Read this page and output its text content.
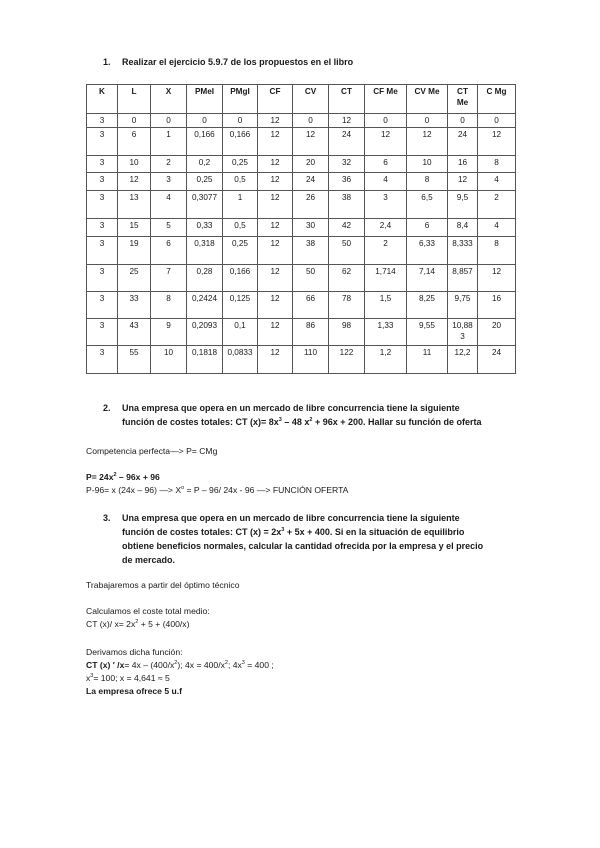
1. Realizar el ejercicio 5.9.7 de los propuestos en el libro
K	L	X	PMeI	PMgI	CF	CV	CT	CF Me	CV Me	CT Me	C Mg
3	0	0	0	0	12	0	12	0	0	0	0
3	6	1	0,166	0,166	12	12	24	12	12	24	12
3	10	2	0,2	0,25	12	20	32	6	10	16	8
3	12	3	0,25	0,5	12	24	36	4	8	12	4
3	13	4	0,3077	1	12	26	38	3	6,5	9,5	2
3	15	5	0,33	0,5	12	30	42	2,4	6	8,4	4
3	19	6	0,318	0,25	12	38	50	2	6,33	8,333	8
3	25	7	0,28	0,166	12	50	62	1,714	7,14	8,857	12
3	33	8	0,2424	0,125	12	66	78	1,5	8,25	9,75	16
3	43	9	0,2093	0,1	12	86	98	1,33	9,55	10,883	20
3	55	10	0,1818	0,0833	12	110	122	1,2	11	12,2	24
2. Una empresa que opera en un mercado de libre concurrencia tiene la siguiente
función de costes totales: CT $(x)= 8x^3 - 48$ $x^2 + 96x + 200$. Hallar su función de oferta
Competencia perfecta—> P= CMg
$P= 24x^2 - 96x + 96$
P-96= x (24x – 96) —> $X^o = P - 96/$ 24x - 96 —> FUNCIÓN OFERTA
3. Una empresa que opera en un mercado de libre concurrencia tiene la siguiente
función de costes totales: CT $(x) = 2x^3 + 5x + 400$. Si en la situación de equilibrio
obtiene beneficios normales, calcular la cantidad ofrecida por la empresa y el precio
de mercado.
Trabajaremos a partir del óptimo técnico
Calculamos el coste total medio:
CT (x)/ $x= 2x^2 + 5 + (400/x)$
Derivamos dicha función:
CT (x) ′ $/x= 4x - (400/x^2)$; $4x = 400/x^2$; $4x^3 = 400$ ;
$x^3= 100$; x = 4,641 ≈ 5
La empresa ofrece 5 u.f
